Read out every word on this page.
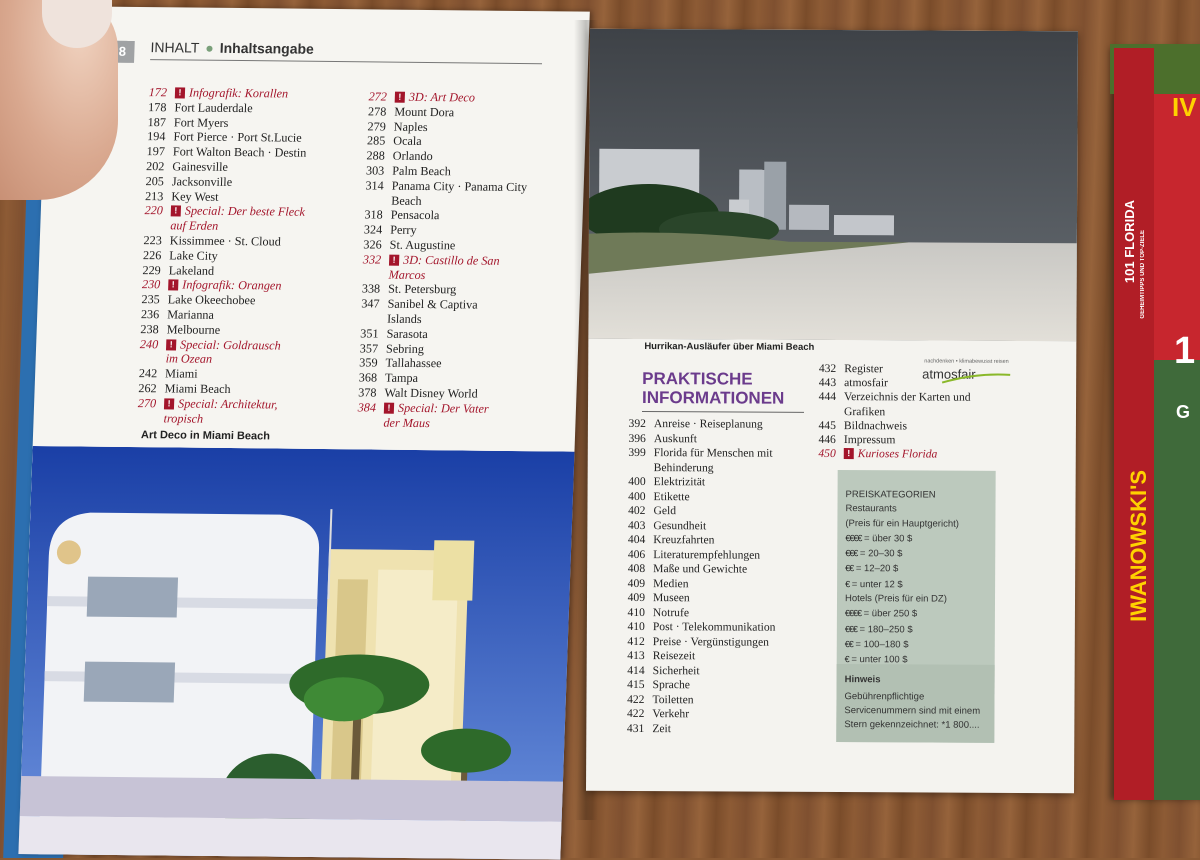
IWANOWSKI'S
101 FLORIDA GEHEIMTIPPS UND TOP-ZIELE
IV
1
G
8	INHALT ● Inhaltsangabe
172	! Infografik: Korallen
178 Fort Lauderdale
187 Fort Myers
194 Fort Pierce · Port St.Lucie
197 Fort Walton Beach · Destin
202 Gainesville
205 Jacksonville
213 Key West
220	! Special: Der beste Fleck
auf Erden
223 Kissimmee · St. Cloud
226 Lake City
229 Lakeland
230	! Infografik: Orangen
235 Lake Okeechobee
236 Marianna
238 Melbourne
240	! Special: Goldrausch
im Ozean
242 Miami
262 Miami Beach
270	! Special: Architektur,
tropisch
272	! 3D: Art Deco
278 Mount Dora
279 Naples
285 Ocala
288 Orlando
303 Palm Beach
314 Panama City · Panama City
Beach
318 Pensacola
324 Perry
326 St. Augustine
332	! 3D: Castillo de San
Marcos
338 St. Petersburg
347 Sanibel & Captiva
Islands
351 Sarasota
357 Sebring
359 Tallahassee
368 Tampa
378 Walt Disney World
384	! Special: Der Vater
der Maus
Art Deco in Miami Beach
Hurrikan-Ausläufer über Miami Beach
PRAKTISCHE
INFORMATIONEN
392 Anreise · Reiseplanung
396 Auskunft
399 Florida für Menschen mit
Behinderung
400 Elektrizität
400 Etikette
402 Geld
403 Gesundheit
404 Kreuzfahrten
406 Literaturempfehlungen
408 Maße und Gewichte
409 Medien
409 Museen
410 Notrufe
410 Post · Telekommunikation
412 Preise · Vergünstigungen
413 Reisezeit
414 Sicherheit
415 Sprache
422 Toiletten
422 Verkehr
431 Zeit
432 Register
443 atmosfair
444 Verzeichnis der Karten und
Grafiken
445 Bildnachweis
446 Impressum
450	! Kurioses Florida
nachdenken • klimabewusst reisen
atmosfair
PREISKATEGORIEN
Restaurants
(Preis für ein Hauptgericht)
€€€€ = über 30 $
€€€ = 20–30 $
€€ = 12–20 $
€ = unter 12 $
Hotels (Preis für ein DZ)
€€€€ = über 250 $
€€€ = 180–250 $
€€ = 100–180 $
€ = unter 100 $
Hinweis
Gebührenpflichtige Servicenummern sind mit einem Stern gekennzeichnet: *1 800....
